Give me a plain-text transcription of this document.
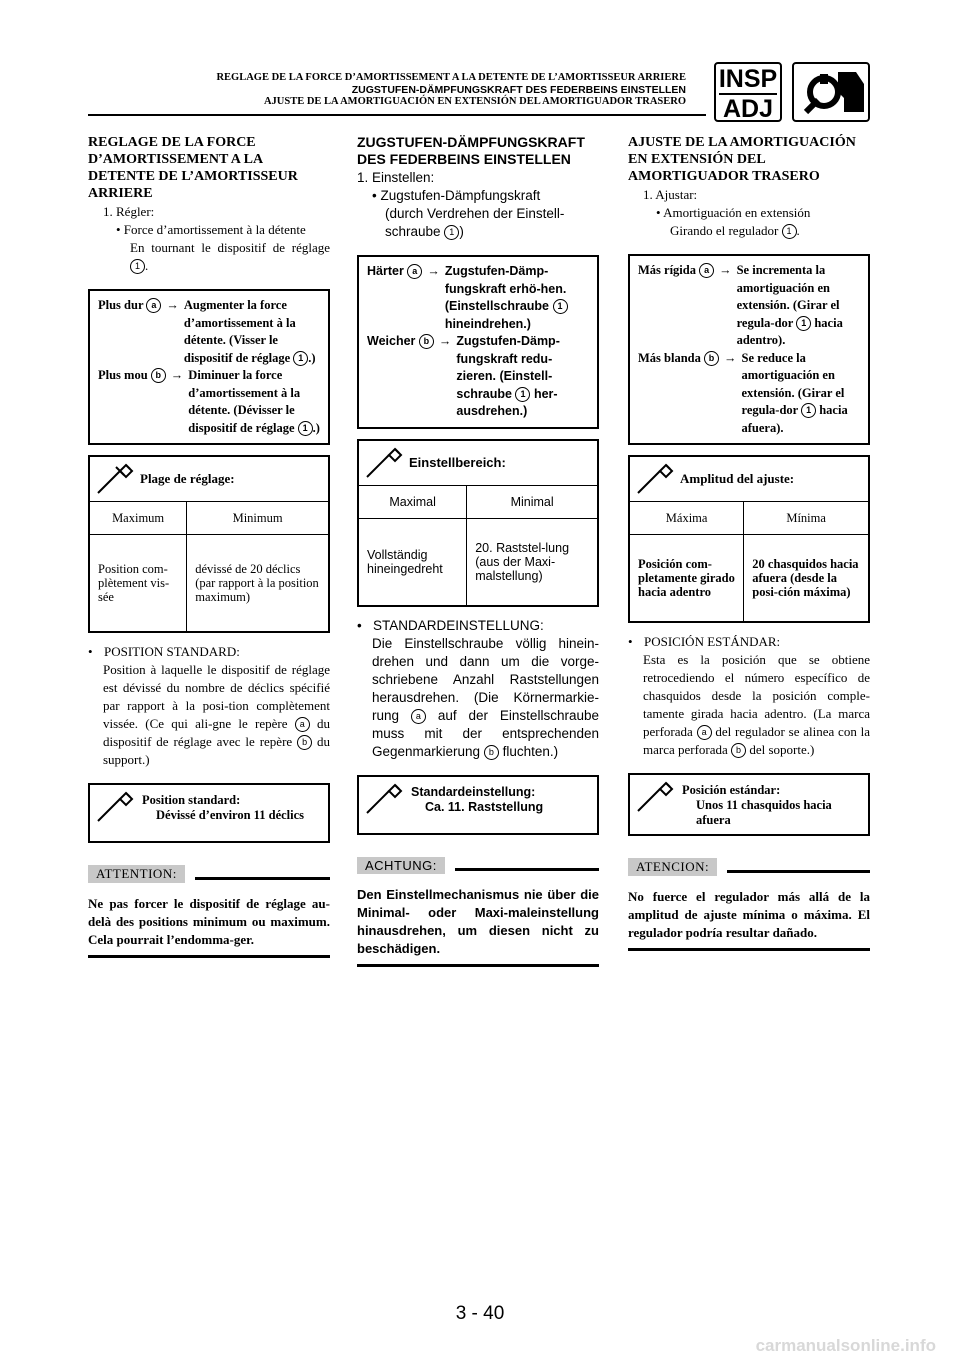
REGLAGE DE LA FORCE D’AMORTISSEMENT A LA DETENTE DE L’AMORTISSEUR ARRIERE
ZUGSTUFEN-DÄMPFUNGSKRAFT DES FEDERBEINS EINSTELLEN
AJUSTE DE LA AMORTIGUACIÓN EN EXTENSIÓN DEL AMORTIGUADOR TRASERO
INSP
ADJ
REGLAGE DE LA FORCE D’AMORTISSEMENT A LA DETENTE DE L’AMORTISSEUR ARRIERE
1. Régler:
• Force d’amortissement à la détente
En tournant le dispositif de réglage 1 .
Plus dur a → Augmenter la force d’amortissement à la détente. (Visser le dispositif de réglage 1 .)
Plus mou b → Diminuer la force d’amortissement à la détente. (Dévisser le dispositif de réglage 1 .)
Plage de réglage:
Maximum	Minimum
Position com-plètement vis-sée	dévissé de 20 déclics (par rapport à la position maximum)
• POSITION STANDARD:
Position à laquelle le dispositif de réglage est dévissé du nombre de déclics spécifié par rapport à la posi-tion complètement vissée. (Ce qui ali-gne le repère a du dispositif de réglage avec le repère b du support.)
Position standard:
Dévissé d’environ 11 déclics
ATTENTION:
Ne pas forcer le dispositif de réglage au-delà des positions minimum ou maximum. Cela pourrait l’endomma-ger.
ZUGSTUFEN-DÄMPFUNGSKRAFT DES FEDERBEINS EINSTELLEN
1. Einstellen:
• Zugstufen-Dämpfungskraft
(durch Verdrehen der Einstell-schraube 1 )
Härter a → Zugstufen-Dämp-fungskraft erhö-hen. (Einstellschraube 1 hineindrehen.)
Weicher b → Zugstufen-Dämp-fungskraft redu-zieren. (Einstell-schraube 1 her-ausdrehen.)
Einstellbereich:
Maximal	Minimal
Vollständig hineingedreht	20. Raststel-lung (aus der Maxi-malstellung)
• STANDARDEINSTELLUNG:
Die Einstellschraube völlig hinein-drehen und dann um die vorge-schriebene Anzahl Raststellungen herausdrehen. (Die Körnermarkie-rung a auf der Einstellschraube muss mit der entsprechenden Gegenmarkierung b fluchten.)
Standardeinstellung:
Ca. 11. Raststellung
ACHTUNG:
Den Einstellmechanismus nie über die Minimal- oder Maxi-maleinstellung hinausdrehen, um diesen nicht zu beschädigen.
AJUSTE DE LA AMORTIGUACIÓN EN EXTENSIÓN DEL AMORTIGUADOR TRASERO
1. Ajustar:
• Amortiguación en extensión
Girando el regulador 1 .
Más rígida a → Se incrementa la amortiguación en extensión. (Girar el regula-dor 1 hacia adentro).
Más blanda b → Se reduce la amortiguación en extensión. (Girar el regula-dor 1 hacia afuera).
Amplitud del ajuste:
Máxima	Mínima
Posición com-pletamente girado hacia adentro	20 chasquidos hacia afuera (desde la posi-ción máxima)
• POSICIÓN ESTÁNDAR:
Esta es la posición que se obtiene retrocediendo el número específico de chasquidos desde la posición comple-tamente girada hacia adentro. (La marca perforada a del regulador se alinea con la marca perforada b del soporte.)
Posición estándar:
Unos 11 chasquidos hacia afuera
ATENCION:
No fuerce el regulador más allá de la amplitud de ajuste mínima o máxima. El regulador podría resultar dañado.
3 - 40
carmanualsonline.info
